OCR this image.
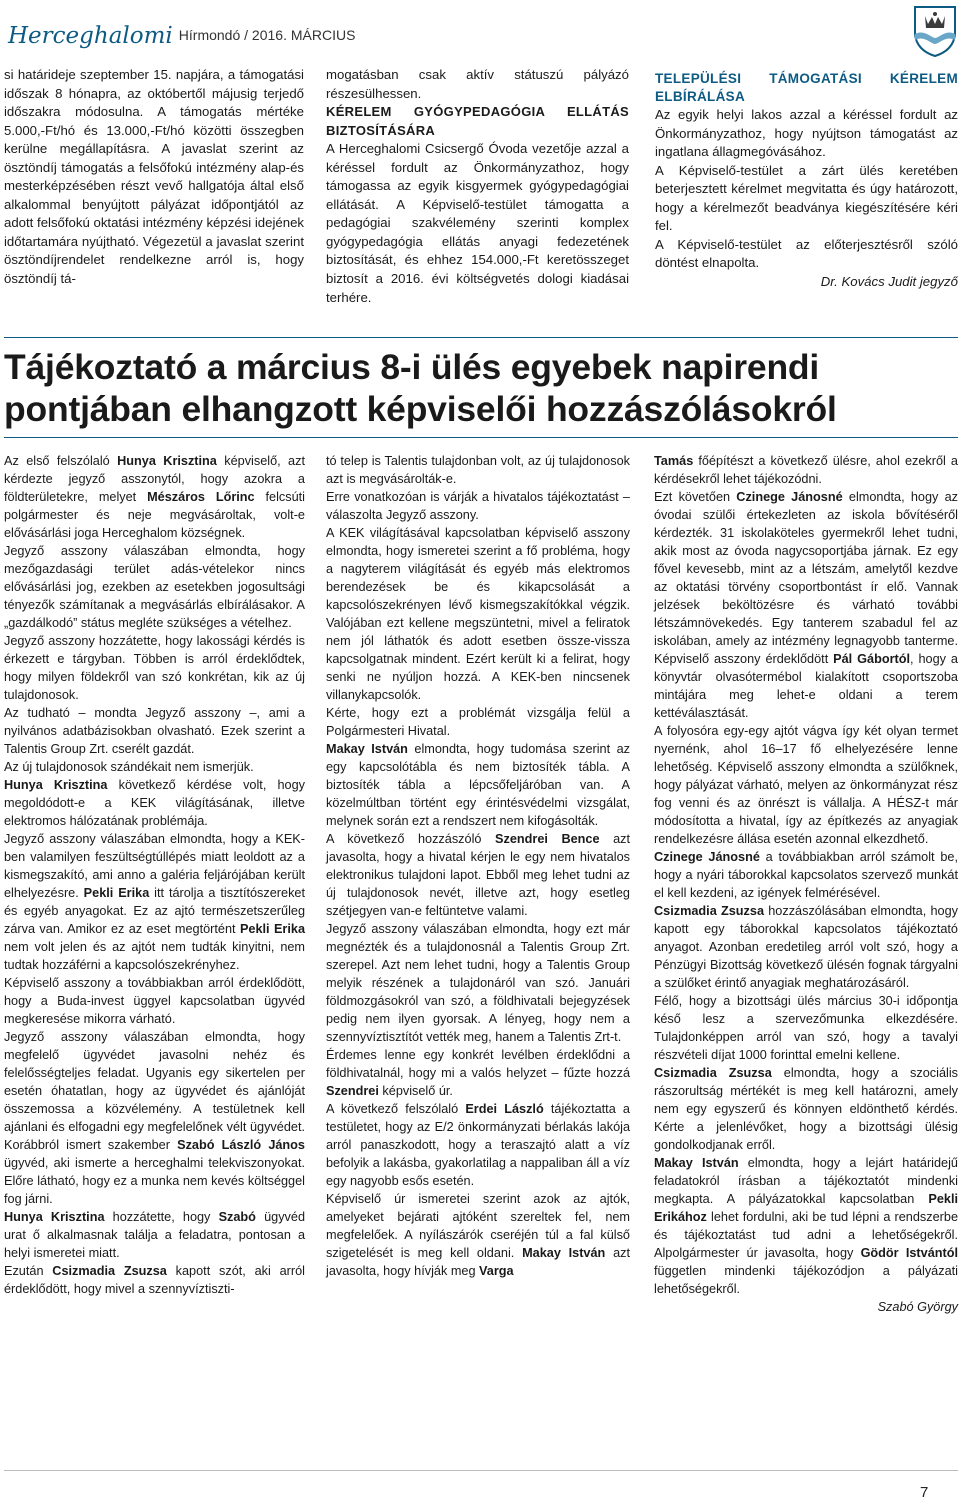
Herceghalomi Hírmondó / 2016. MÁRCIUS

si határideje szeptember 15. napjára, a támogatási időszak 8 hónapra, az októbertől májusig terjedő időszakra módosulna. A támogatás mértéke 5.000,-Ft/hó és 13.000,-Ft/hó közötti összegben kerülne megállapításra. A javaslat szerint az ösztöndíj támogatás a felsőfokú intézmény alap-és mesterképzésében részt vevő hallgatója által első alkalommal benyújtott pályázat időpontjától az adott felsőfokú oktatási intézmény képzési idejének időtartamára nyújtható. Végezetül a javaslat szerint ösztöndíjrendelet rendelkezne arról is, hogy ösztöndíj tá-

mogatásban csak aktív státuszú pályázó részesülhessen.

KÉRELEM GYÓGYPEDAGÓGIA ELLÁTÁS BIZTOSÍTÁSÁRA

A Herceghalomi Csicsergő Óvoda vezetője azzal a kéréssel fordult az Önkormányzathoz, hogy támogassa az egyik kisgyermek gyógypedagógiai ellátását. A Képviselő-testület támogatta a pedagógiai szakvélemény szerinti komplex gyógypedagógia ellátás anyagi fedezetének biztosítását, és ehhez 154.000,-Ft keretösszeget biztosít a 2016. évi költségvetés dologi kiadásai terhére.

TELEPÜLÉSI TÁMOGATÁSI KÉRELEM ELBÍRÁLÁSA

Az egyik helyi lakos azzal a kéréssel fordult az Önkormányzathoz, hogy nyújtson támogatást az ingatlana állagmegóvásához.

A Képviselő-testület a zárt ülés keretében beterjesztett kérelmet megvitatta és úgy határozott, hogy a kérelmezőt beadványa kiegészítésére kéri fel.

A Képviselő-testület az előterjesztésről szóló döntést elnapolta.

Dr. Kovács Judit jegyző

Tájékoztató a március 8-i ülés egyebek napirendi pontjában elhangzott képviselői hozzászólásokról

Az első felszólaló Hunya Krisztina képviselő, azt kérdezte jegyző asszonytól, hogy azokra a földterületekre, melyet Mészáros Lőrinc felcsúti polgármester és neje megvásároltak, volt-e elővásárlási joga Herceghalom községnek.

Jegyző asszony válaszában elmondta, hogy mezőgazdasági terület adás-vételekor nincs elővásárlási jog, ezekben az esetekben jogosultsági tényezők számítanak a megvásárlás elbírálásakor. A „gazdálkodó” státus megléte szükséges a vételhez.

Jegyző asszony hozzátette, hogy lakossági kérdés is érkezett e tárgyban. Többen is arról érdeklődtek, hogy milyen földekről van szó konkrétan, kik az új tulajdonosok.

Az tudható – mondta Jegyző asszony –, ami a nyilvános adatbázisokban olvasható. Ezek szerint a Talentis Group Zrt. cserélt gazdát.

Az új tulajdonosok szándékait nem ismerjük.

Hunya Krisztina következő kérdése volt, hogy megoldódott-e a KEK világításának, illetve elektromos hálózatának problémája.

Jegyző asszony válaszában elmondta, hogy a KEK-ben valamilyen feszültségtúllépés miatt leoldott az a kismegszakító, ami anno a galéria feljárójában került elhelyezésre. Pekli Erika itt tárolja a tisztítószereket és egyéb anyagokat. Ez az ajtó természetszerűleg zárva van. Amikor ez az eset megtörtént Pekli Erika nem volt jelen és az ajtót nem tudták kinyitni, nem tudtak hozzáférni a kapcsolószekrényhez.

Képviselő asszony a továbbiakban arról érdeklődött, hogy a Buda-invest üggyel kapcsolatban ügyvéd megkeresése mikorra várható.

Jegyző asszony válaszában elmondta, hogy megfelelő ügyvédet javasolni nehéz és felelősségteljes feladat. Ugyanis egy sikertelen per esetén óhatatlan, hogy az ügyvédet és ajánlóját összemossa a közvélemény. A testületnek kell ajánlani és elfogadni egy megfelelőnek vélt ügyvédet. Korábbról ismert szakember Szabó László János ügyvéd, aki ismerte a herceghalmi telekviszonyokat. Előre látható, hogy ez a munka nem kevés költséggel fog járni.

Hunya Krisztina hozzátette, hogy Szabó ügyvéd urat ő alkalmasnak találja a feladatra, pontosan a helyi ismeretei miatt.

Ezután Csizmadia Zsuzsa kapott szót, aki arról érdeklődött, hogy mivel a szennyvíztiszti-

tó telep is Talentis tulajdonban volt, az új tulajdonosok azt is megvásárolták-e.

Erre vonatkozóan is várják a hivatalos tájékoztatást – válaszolta Jegyző asszony.

A KEK világításával kapcsolatban képviselő asszony elmondta, hogy ismeretei szerint a fő probléma, hogy a nagyterem világítását és egyéb más elektromos berendezések be és kikapcsolását a kapcsolószekrényen lévő kismegszakítókkal végzik. Valójában ezt kellene megszüntetni, mivel a feliratok nem jól láthatók és adott esetben össze-vissza kapcsolgatnak mindent. Ezért került ki a felirat, hogy senki ne nyúljon hozzá. A KEK-ben nincsenek villanykapcsolók.

Kérte, hogy ezt a problémát vizsgálja felül a Polgármesteri Hivatal.

Makay István elmondta, hogy tudomása szerint az egy kapcsolótábla és nem biztosíték tábla. A biztosíték tábla a lépcsőfeljáróban van. A közelmúltban történt egy érintésvédelmi vizsgálat, melynek során ezt a rendszert nem kifogásolták.

A következő hozzászóló Szendrei Bence azt javasolta, hogy a hivatal kérjen le egy nem hivatalos elektronikus tulajdoni lapot. Ebből meg lehet tudni az új tulajdonosok nevét, illetve azt, hogy esetleg szétjegyen van-e feltüntetve valami.

Jegyző asszony válaszában elmondta, hogy ezt már megnézték és a tulajdonosnál a Talentis Group Zrt. szerepel. Azt nem lehet tudni, hogy a Talentis Group melyik részének a tulajdonáról van szó. Januári földmozgásokról van szó, a földhivatali bejegyzések pedig nem ilyen gyorsak. A lényeg, hogy nem a szennyvíztisztítót vették meg, hanem a Talentis Zrt-t.

Érdemes lenne egy konkrét levélben érdeklődni a földhivatalnál, hogy mi a valós helyzet – fűzte hozzá Szendrei képviselő úr.

A következő felszólaló Erdei László tájékoztatta a testületet, hogy az E/2 önkormányzati bérlakás lakója arról panaszkodott, hogy a teraszajtó alatt a víz befolyik a lakásba, gyakorlatilag a nappaliban áll a víz egy nagyobb esős esetén.

Képviselő úr ismeretei szerint azok az ajtók, amelyeket bejárati ajtóként szereltek fel, nem megfelelőek. A nyílászárók cseréjén túl a fal külső szigetelését is meg kell oldani. Makay István azt javasolta, hogy hívják meg Varga

Tamás főépítészt a következő ülésre, ahol ezekről a kérdésekről lehet tájékozódni.

Ezt követően Czinege Jánosné elmondta, hogy az óvodai szülői értekezleten az iskola bővítéséről kérdezték. 31 iskolaköteles gyermekről lehet tudni, akik most az óvoda nagycsoportjába járnak. Ez egy fővel kevesebb, mint az a létszám, amelytől kezdve az oktatási törvény csoportbontást ír elő. Vannak jelzések beköltözésre és várható további létszámnövekedés. Egy tanterem szabadul fel az iskolában, amely az intézmény legnagyobb tanterme. Képviselő asszony érdeklődött Pál Gábortól, hogy a könyvtár olvasótermébol kialakított csoportszoba mintájára meg lehet-e oldani a terem kettéválasztását.

A folyosóra egy-egy ajtót vágva így két olyan termet nyernénk, ahol 16–17 fő elhelyezésére lenne lehetőség. Képviselő asszony elmondta a szülőknek, hogy pályázat várható, melyen az önkormányzat rész fog venni és az önrészt is vállalja. A HÉSZ-t már módosította a hivatal, így az építkezés az anyagiak rendelkezésre állása esetén azonnal elkezdhető.

Czinege Jánosné a továbbiakban arról számolt be, hogy a nyári táborokkal kapcsolatos szervező munkát el kell kezdeni, az igények felmérésével.

Csizmadia Zsuzsa hozzászólásában elmondta, hogy kapott egy táborokkal kapcsolatos tájékoztató anyagot. Azonban eredetileg arról volt szó, hogy a Pénzügyi Bizottság következő ülésén fognak tárgyalni a szülőket érintő anyagiak meghatározásáról.

Félő, hogy a bizottsági ülés március 30-i időpontja késő lesz a szervezőmunka elkezdésére. Tulajdonképpen arról van szó, hogy a tavalyi részvételi díjat 1000 forinttal emelni kellene.

Csizmadia Zsuzsa elmondta, hogy a szociális rászorultság mértékét is meg kell határozni, amely nem egy egyszerű és könnyen eldönthető kérdés. Kérte a jelenlévőket, hogy a bizottsági ülésig gondolkodjanak erről.

Makay István elmondta, hogy a lejárt határidejű feladatokról írásban a tájékoztatót mindenki megkapta. A pályázatokkal kapcsolatban Pekli Erikához lehet fordulni, aki be tud lépni a rendszerbe és tájékoztatást tud adni a lehetőségekről. Alpolgármester úr javasolta, hogy Gödör Istvántól független mindenki tájékozódjon a pályázati lehetőségekről.

Szabó György

7
